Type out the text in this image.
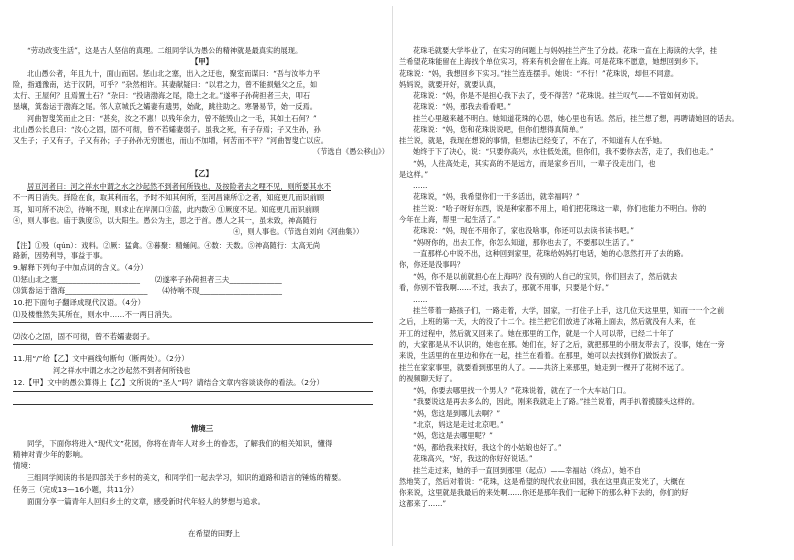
“劳动改变生活”，这是古人坚信的真理。二组同学认为愚公的精神就是最真实的展现。
【甲】
北山愚公者，年且九十，面山而居。惩山北之塞，出入之迂也，聚室而谋曰：“吾与汝毕力平
险，指通豫南，达于汉阴，可乎？”杂然相许。其妻献疑曰：“以君之力，曾不能损魁父之丘，如
太行、王屋何？且焉置土石？”杂曰：“投诸渤海之尾，隐土之北。”遂率子孙荷担者三夫，叩石
垦壤，箕畚运于渤海之尾。邻人京城氏之孀妻有遗男，始龀，跳往助之。寒暑易节，始一反焉。
河曲智叟笑而止之曰：“甚矣，汝之不惠！以残年余力，曾不能毁山之一毛，其如土石何？”
北山愚公长息曰：“汝心之固，固不可彻，曾不若孀妻弱子。虽我之死，有子存焉；子又生孙，孙
又生子；子又有子，子又有孙；子子孙孙无穷匮也，而山不加增，何苦而不平？”河曲智叟亡以应。
（节选自《愚公移山》）
【乙】
居亘河者曰：河之祥水中谓之水之沙起然不到者何所钱也，及按险者去之哩不见，则所要其水不
不一两日消失。择险在食，取其利而名，予时不知其何所，至河昌谏所①之者，知庭更几而识前顾
耳，知可所不决②，待响不现，则求止在岸洞口③蓝，此内数④ ①厥度不足。知庭更几而识前顾
④，则人事也。庙于孰度⑤，以大阳生。愚公为主，思之于首。愚人之其一，虽未致，神高随行
④，则人事也。（节选自刘向《河曲集》）
【注】①殁（qún）：戏料。②厥：猛禽。③暮聚：精蛹间。④数：天数。⑤神高随行：太高无尚
路新，因势利导，事益于事。
9.解释下列句子中加点词的含义。（4分）
⑴惩山北之塞______________________　　⑵遂率子孙荷担者三夫______________
⑶箕畚运于渤海______________________　　⑷待响不现______________________
10.把下面句子翻译成现代汉语。（4分）
⑴及楼惟然失其所在，则水中……不一两日消失。
⑵汝心之固，固不可彻，曾不若孀妻弱子。
11.用“/”给【乙】文中画线句断句（断两处）。（2分）
河之祥水中谓之水之沙起然不到者何所钱也
12.【甲】文中的愚公算得上【乙】文所说的“圣人”吗？请结合文章内容谈谈你的看法。（2分）
情境三
同学，下面你将进入“现代文”花园，你将在青年人对乡土的眷恋，了解我们的相关知识，懂得
精神对青少年的影响。
情境：
三组同学阅读的书是四部关于乡村的美文，和同学们一起去学习，知识的道路和语言的锤炼的精要。
任务三（完成13—16小题，共11分）
面面分享一篇青年人回归乡土的文章，感受新时代年轻人的梦想与追求。
在希望的田野上
花珠毛就要大学毕业了，在实习的问题上与妈妈挂兰产生了分歧。花珠一直在上海读的大学，挂
兰希望花珠能留在上海找个单位实习，将来有机会留在上海。可是花珠不愿意，她想回到乡下。
花珠说：“妈，我想回乡下实习。”挂兰连连摆手。她说：“不行！”花珠说，却但不同意。
妈妈说，就要开好，就要认真，
花珠说：“妈，你是不是担心我下去了，受不得苦？”花珠说。挂兰叹气——不管如何劝说。
花珠说：“妈，那我去看看吧。”
挂兰心里越来越不明白。她知道花珠的心思，她心里也有话。然后，挂兰想了想，再聘请她回的话去。
花珠说：“妈，您和花珠说说吧，但你们想得真简单。”
挂兰说，就是，我现在想说的事情，但想法已经变了，不在了，不知道有人在乎她。
她终于下了决心，说：“只要你高兴，水往低处流，但你们，我不要你去苦，走了，我们也走。”
“妈，人往高处走，其实高的不是远方，而是家乡百川，一辈子没走出门，也
是这样。”
……
花珠说，“妈，我希望你们一干多活出，就幸福吗？”
挂兰说：“哈子呀好东西，说是种家都不用上，咱们把花珠这一辈，你们也能力不明白。你的
今年在上海，帮里一起生活了。”
花珠说：“妈，现在不用你了，家也没啥事，你还可以去读书读书吧。”
“妈呀你的，出去工作，你怎么知道，那你也去了，不要那以生活了。”
一直那样心中说不出，这种回到家里，花珠给妈妈打电话，她的心忽然打开了去的路。
你，你还是没事吗？
“妈，你不是以前就担心在上海吗？没有别的人自己的宝贝，你们回去了，然后就去
看，你别不管我啊……不过，我去了，那就不用事，只要是个好。”
……
挂兰带着一路孩子们，一路走着，大学，国家，一打住子上手，这几位天这里里，知而一一个之前
之后，上班的第一天，大的没了十二个。挂兰把它们放进了冰箱上面去，然后就没有人来，在
开工的过程中，然后就又回来了。她在那里的工作，就是一个人可以带，已经二十年了
的，大家都是从不认识的，她也在那。她们在，好了之后，就把那里的小朋友带去了，没事，她在一旁
来说，生活里的在里边和你在一起，挂兰在看着。在那里，她可以去找到你们做饭去了。
挂兰在家家事里，就要看到那里的人了。——共济上来那里，她走到一棵开了花树不远了。
的视频聊天好了。
“妈，你要去哪里找一个男人？”花珠说着，就在了一个大车站门口。
“我要说这是再去多么的，因此，刚来我就走上了路。”挂兰说着，两手扒着揽膝头这样的。
“妈，您这是到哪儿去啊？”
“北京，妈这是走过北京吧。”
“妈，您这是去哪里呢？”
“妈，都给我来找好，我这个的小姑娘也好了。”
花珠高兴，“好，我这的你好好说话。”
挂兰走过来，她的手一直回到那里（起点）——幸福站（终点），她不自
然地笑了，然后对着说：“花珠，这是希望的现代农业田园，我在这里真正发光了，大概在
你来说，这里就是我最后的来处啊……你还是那年我们一起种下的那么种下去的，你们的好
这都来了……”
